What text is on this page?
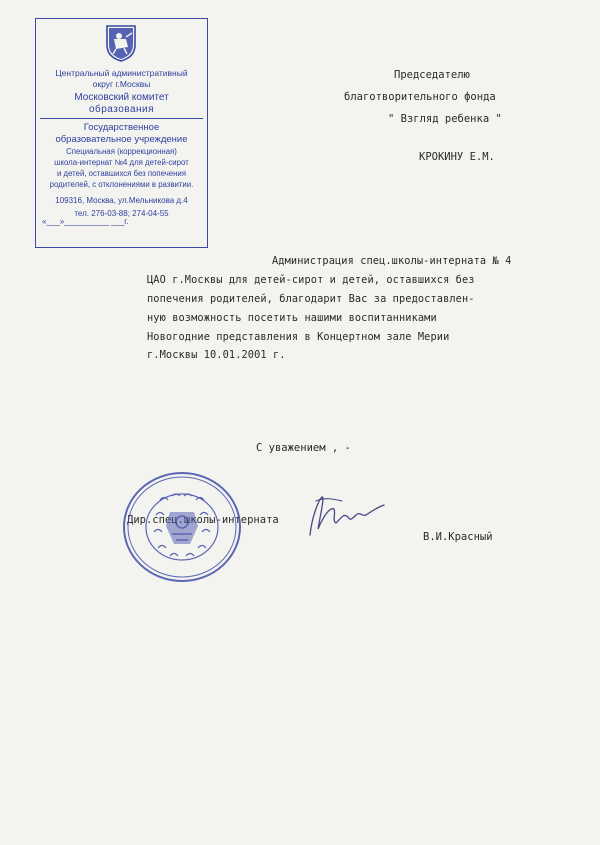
Центральный административный
округ г.Москвы
Московский комитет
образования
Государственное
образовательное учреждение
Специальная (коррекционная)
школа-интернат №4 для детей-сирот
и детей, оставшихся без попечения
родителей, с отклонениями в развитии.
109316, Москва, ул.Мельникова д.4
тел. 276-03-88; 274-04-55
«___»__________ ___г.
Председателю
благотворительного фонда
" Взгляд ребенка "
КРОКИНУ Е.М.
Администрация спец.школы-интерната № 4
ЦАО г.Москвы для детей-сирот и детей, оставшихся без
попечения родителей, благодарит Вас за предоставлен-
ную возможность посетить нашими воспитанниками
Новогодние представления в Концертном зале Мерии
г.Москвы 10.01.2001 г.
С уважением , -
Дир.спец.школы-интерната
В.И.Красный
